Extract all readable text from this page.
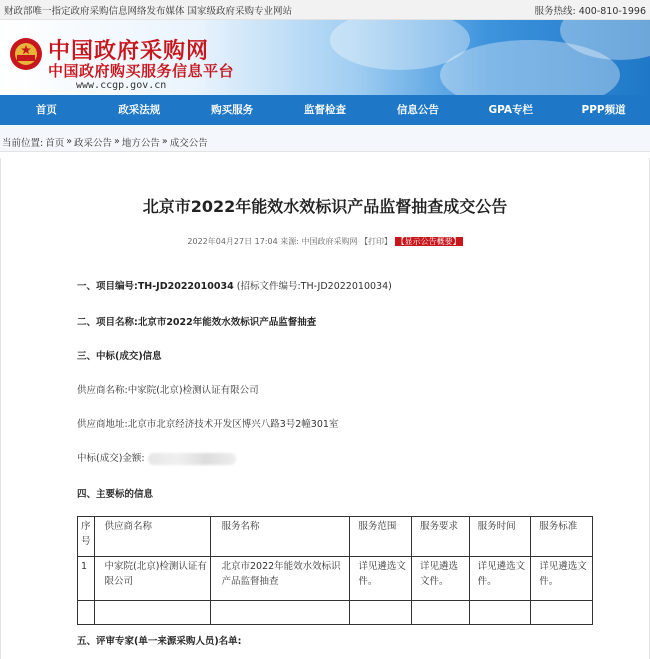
财政部唯一指定政府采购信息网络发布媒体 国家级政府采购专业网站	服务热线: 400-810-1996
中国政府采购网
中国政府购买服务信息平台
www.ccgp.gov.cn
首页	政采法规	购买服务	监督检查	信息公告	GPA专栏	PPP频道
当前位置: 首页 » 政采公告 » 地方公告 » 成交公告
北京市2022年能效水效标识产品监督抽查成交公告
2022年04月27日 17:04 来源: 中国政府采购网 【打印】 【显示公告概要】
一、项目编号:TH-JD2022010034 (招标文件编号:TH-JD2022010034)
二、项目名称:北京市2022年能效水效标识产品监督抽查
三、中标(成交)信息
供应商名称:中家院(北京)检测认证有限公司
供应商地址:北京市北京经济技术开发区博兴八路3号2幢301室
中标(成交)金额:
四、主要标的信息
序号	供应商名称	服务名称	服务范围	服务要求	服务时间	服务标准
1	中家院(北京)检测认证有限公司	北京市2022年能效水效标识产品监督抽查	详见遴选文件。	详见遴选文件。	详见遴选文件。	详见遴选文件。

五、评审专家(单一来源采购人员)名单:
